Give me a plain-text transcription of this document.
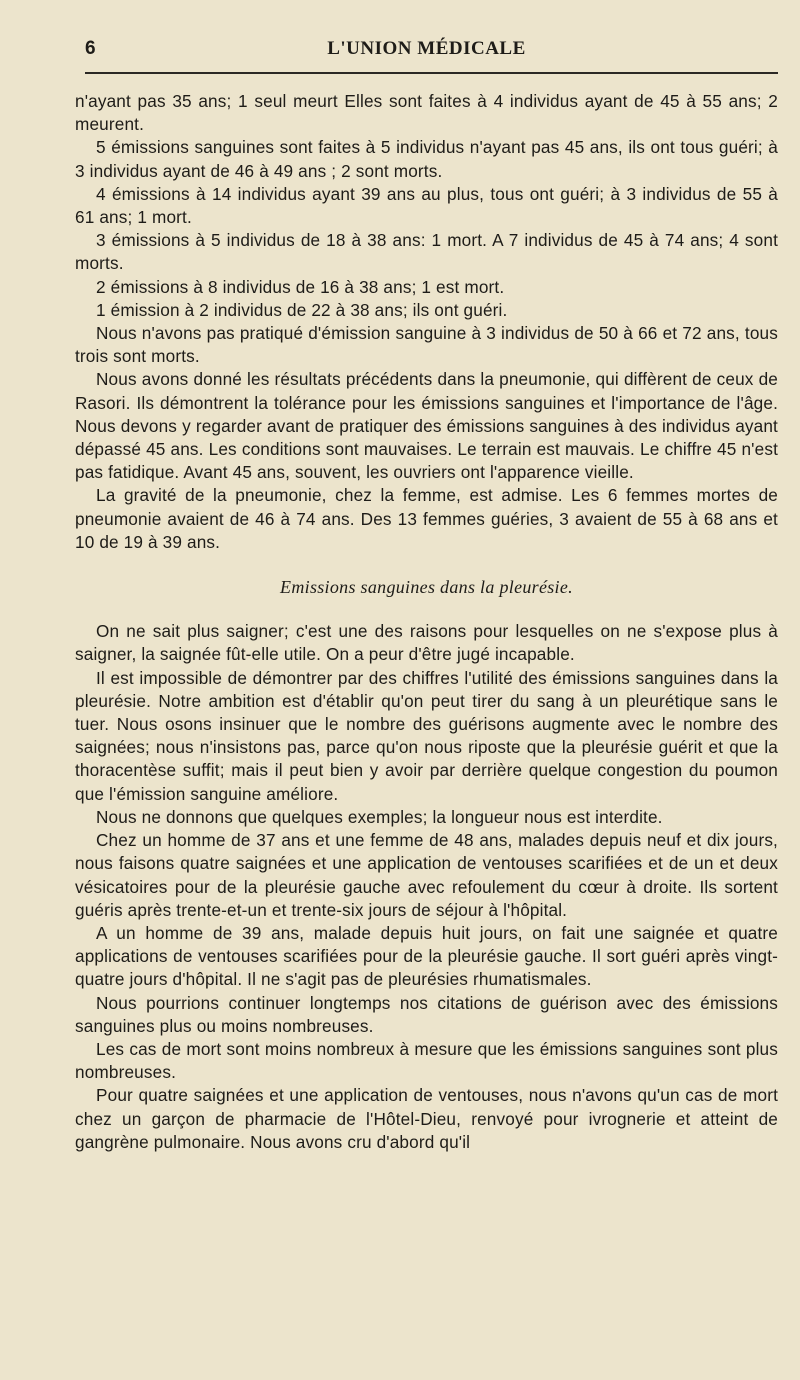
6	L'UNION MÉDICALE

n'ayant pas 35 ans; 1 seul meurt Elles sont faites à 4 individus ayant de 45 à 55 ans; 2 meurent.

5 émissions sanguines sont faites à 5 individus n'ayant pas 45 ans, ils ont tous guéri; à 3 individus ayant de 46 à 49 ans ; 2 sont morts.

4 émissions à 14 individus ayant 39 ans au plus, tous ont guéri; à 3 individus de 55 à 61 ans; 1 mort.

3 émissions à 5 individus de 18 à 38 ans: 1 mort. A 7 individus de 45 à 74 ans; 4 sont morts.

2 émissions à 8 individus de 16 à 38 ans; 1 est mort.

1 émission à 2 individus de 22 à 38 ans; ils ont guéri.

Nous n'avons pas pratiqué d'émission sanguine à 3 individus de 50 à 66 et 72 ans, tous trois sont morts.

Nous avons donné les résultats précédents dans la pneumonie, qui diffèrent de ceux de Rasori. Ils démontrent la tolérance pour les émissions sanguines et l'importance de l'âge. Nous devons y regarder avant de pratiquer des émissions sanguines à des individus ayant dépassé 45 ans. Les conditions sont mauvaises. Le terrain est mauvais. Le chiffre 45 n'est pas fatidique. Avant 45 ans, souvent, les ouvriers ont l'apparence vieille.

La gravité de la pneumonie, chez la femme, est admise. Les 6 femmes mortes de pneumonie avaient de 46 à 74 ans. Des 13 femmes guéries, 3 avaient de 55 à 68 ans et 10 de 19 à 39 ans.

Emissions sanguines dans la pleurésie.

On ne sait plus saigner; c'est une des raisons pour lesquelles on ne s'expose plus à saigner, la saignée fût-elle utile. On a peur d'être jugé incapable.

Il est impossible de démontrer par des chiffres l'utilité des émissions sanguines dans la pleurésie. Notre ambition est d'établir qu'on peut tirer du sang à un pleurétique sans le tuer. Nous osons insinuer que le nombre des guérisons augmente avec le nombre des saignées; nous n'insistons pas, parce qu'on nous riposte que la pleurésie guérit et que la thoracentèse suffit; mais il peut bien y avoir par derrière quelque congestion du poumon que l'émission sanguine améliore.

Nous ne donnons que quelques exemples; la longueur nous est interdite.

Chez un homme de 37 ans et une femme de 48 ans, malades depuis neuf et dix jours, nous faisons quatre saignées et une application de ventouses scarifiées et de un et deux vésicatoires pour de la pleurésie gauche avec refoulement du cœur à droite. Ils sortent guéris après trente-et-un et trente-six jours de séjour à l'hôpital.

A un homme de 39 ans, malade depuis huit jours, on fait une saignée et quatre applications de ventouses scarifiées pour de la pleurésie gauche. Il sort guéri après vingt-quatre jours d'hôpital. Il ne s'agit pas de pleurésies rhumatismales.

Nous pourrions continuer longtemps nos citations de guérison avec des émissions sanguines plus ou moins nombreuses.

Les cas de mort sont moins nombreux à mesure que les émissions sanguines sont plus nombreuses.

Pour quatre saignées et une application de ventouses, nous n'avons qu'un cas de mort chez un garçon de pharmacie de l'Hôtel-Dieu, renvoyé pour ivrognerie et atteint de gangrène pulmonaire. Nous avons cru d'abord qu'il
